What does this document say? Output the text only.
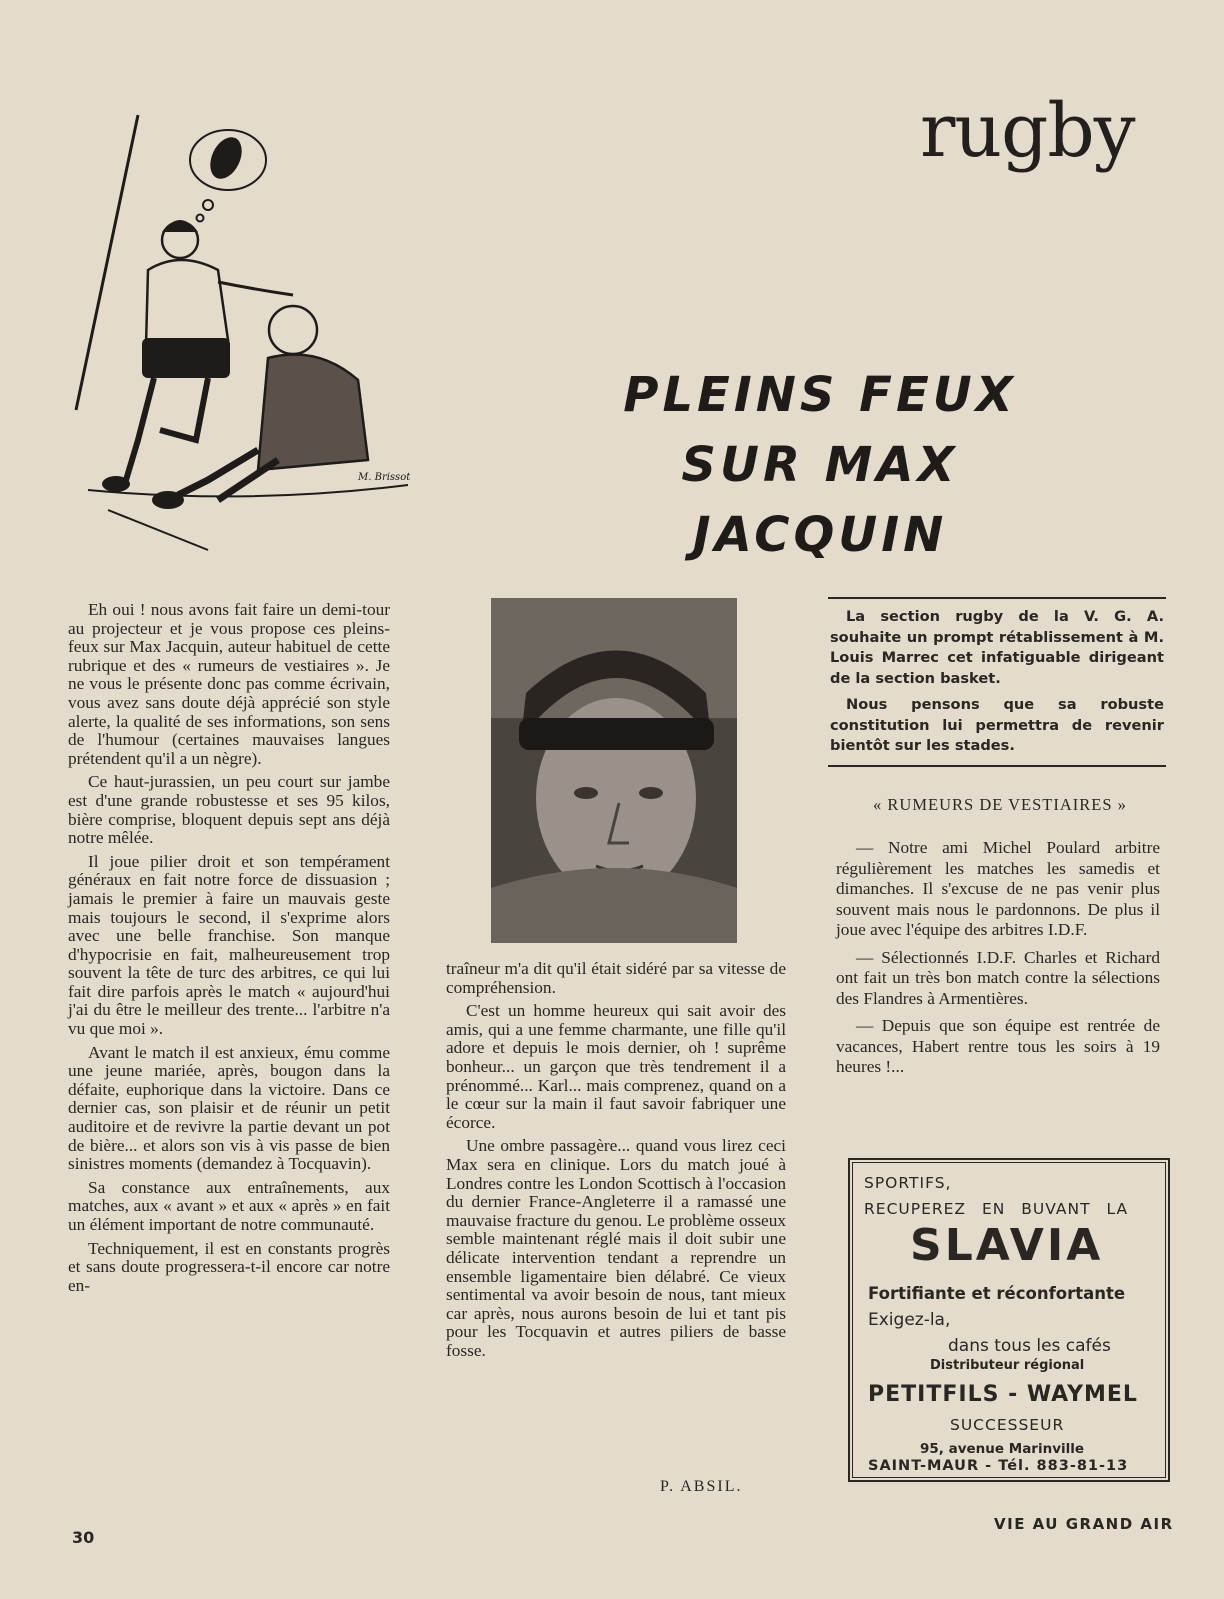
rugby
M. Brissot
PLEINS FEUX
SUR MAX JACQUIN

Eh oui ! nous avons fait faire un demi-tour au projecteur et je vous propose ces pleins-feux sur Max Jacquin, auteur habituel de cette rubrique et des « rumeurs de vestiaires ». Je ne vous le présente donc pas comme écrivain, vous avez sans doute déjà apprécié son style alerte, la qualité de ses informations, son sens de l'humour (certaines mauvaises langues prétendent qu'il a un nègre).

Ce haut-jurassien, un peu court sur jambe est d'une grande robustesse et ses 95 kilos, bière comprise, bloquent depuis sept ans déjà notre mêlée.

Il joue pilier droit et son tempérament généraux en fait notre force de dissuasion ; jamais le premier à faire un mauvais geste mais toujours le second, il s'exprime alors avec une belle franchise. Son manque d'hypocrisie en fait, malheureusement trop souvent la tête de turc des arbitres, ce qui lui fait dire parfois après le match « aujourd'hui j'ai du être le meilleur des trente... l'arbitre n'a vu que moi ».

Avant le match il est anxieux, ému comme une jeune mariée, après, bougon dans la défaite, euphorique dans la victoire. Dans ce dernier cas, son plaisir et de réunir un petit auditoire et de revivre la partie devant un pot de bière... et alors son vis à vis passe de bien sinistres moments (demandez à Tocquavin).

Sa constance aux entraînements, aux matches, aux « avant » et aux « après » en fait un élément important de notre communauté.

Techniquement, il est en constants progrès et sans doute progressera-t-il encore car notre en-

traîneur m'a dit qu'il était sidéré par sa vitesse de compréhension.

C'est un homme heureux qui sait avoir des amis, qui a une femme charmante, une fille qu'il adore et depuis le mois dernier, oh ! suprême bonheur... un garçon que très tendrement il a prénommé... Karl... mais comprenez, quand on a le cœur sur la main il faut savoir fabriquer une écorce.

Une ombre passagère... quand vous lirez ceci Max sera en clinique. Lors du match joué à Londres contre les London Scottisch à l'occasion du dernier France-Angleterre il a ramassé une mauvaise fracture du genou. Le problème osseux semble maintenant réglé mais il doit subir une délicate intervention tendant a reprendre un ensemble ligamentaire bien délabré. Ce vieux sentimental va avoir besoin de nous, tant mieux car après, nous aurons besoin de lui et tant pis pour les Tocquavin et autres piliers de basse fosse.

P. ABSIL.

La section rugby de la V. G. A. souhaite un prompt rétablissement à M. Louis Marrec cet infatiguable dirigeant de la section basket.

Nous pensons que sa robuste constitution lui permettra de revenir bientôt sur les stades.

« RUMEURS DE VESTIAIRES »

— Notre ami Michel Poulard arbitre régulièrement les matches les samedis et dimanches. Il s'excuse de ne pas venir plus souvent mais nous le pardonnons. De plus il joue avec l'équipe des arbitres I.D.F.

— Sélectionnés I.D.F. Charles et Richard ont fait un très bon match contre la sélections des Flandres à Armentières.

— Depuis que son équipe est rentrée de vacances, Habert rentre tous les soirs à 19 heures !...

SPORTIFS,
RECUPEREZ EN BUVANT LA
SLAVIA
Fortifiante et réconfortante
Exigez-la,
dans tous les cafés
Distributeur régional
PETITFILS - WAYMEL
SUCCESSEUR
95, avenue Marinville
SAINT-MAUR - Tél. 883-81-13
30
VIE AU GRAND AIR
